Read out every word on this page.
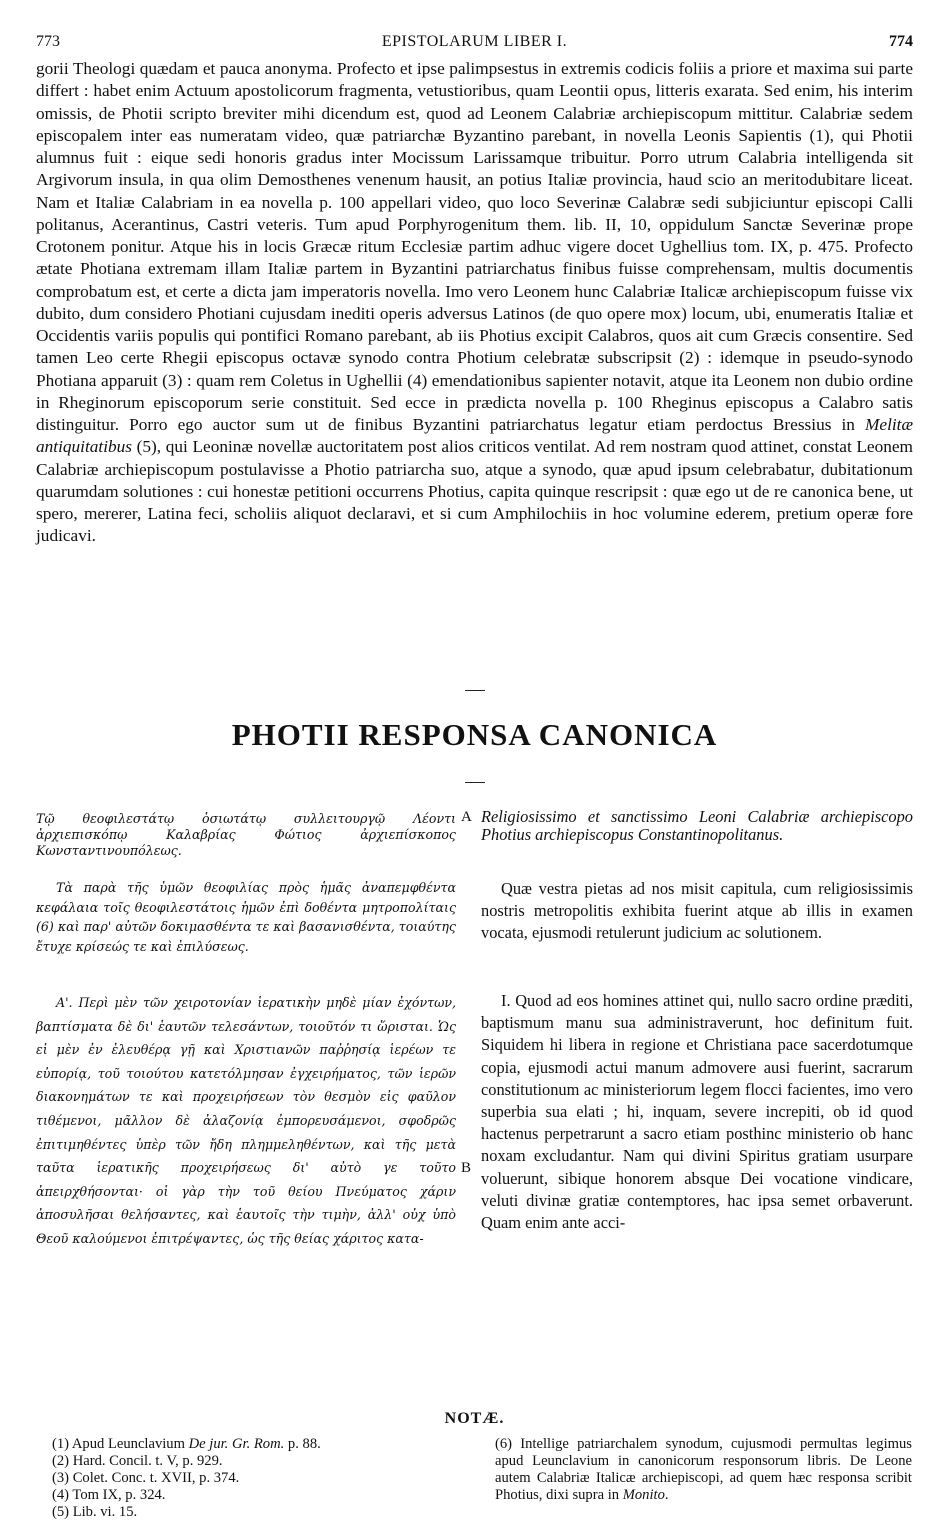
773	EPISTOLARUM LIBER I.	774

gorii Theologi quædam et pauca anonyma. Profecto et ipse palimpsestus in extremis codicis foliis a priore et maxima sui parte differt : habet enim Actuum apostolicorum fragmenta, vetustioribus, quam Leontii opus, litteris exarata. Sed enim, his interim omissis, de Photii scripto breviter mihi dicendum est, quod ad Leonem Calabriæ archiepiscopum mittitur. Calabriæ sedem episcopalem inter eas numeratam video, quæ patriarchæ Byzantino parebant, in novella Leonis Sapientis (1), qui Photii alumnus fuit : eique sedi honoris gradus inter Mocissum Larissamque tribuitur. Porro utrum Calabria intelligenda sit Argivorum insula, in qua olim Demosthenes venenum hausit, an potius Italiæ provincia, haud scio an meritodubitare liceat. Nam et Italiæ Calabriam in ea novella p. 100 appellari video, quo loco Severinæ Calabræ sedi subjiciuntur episcopi Calli politanus, Acerantinus, Castri veteris. Tum apud Porphyrogenitum them. lib. II, 10, oppidulum Sanctæ Severinæ prope Crotonem ponitur. Atque his in locis Græcæ ritum Ecclesiæ partim adhuc vigere docet Ughellius tom. IX, p. 475. Profecto ætate Photiana extremam illam Italiæ partem in Byzantini patriarchatus finibus fuisse comprehensam, multis documentis comprobatum est, et certe a dicta jam imperatoris novella. Imo vero Leonem hunc Calabriæ Italicæ archiepiscopum fuisse vix dubito, dum considero Photiani cujusdam inediti operis adversus Latinos (de quo opere mox) locum, ubi, enumeratis Italiæ et Occidentis variis populis qui pontifici Romano parebant, ab iis Photius excipit Calabros, quos ait cum Græcis consentire. Sed tamen Leo certe Rhegii episcopus octavæ synodo contra Photium celebratæ subscripsit (2) : idemque in pseudo-synodo Photiana apparuit (3) : quam rem Coletus in Ughellii (4) emendationibus sapienter notavit, atque ita Leonem non dubio ordine in Rheginorum episcoporum serie constituit. Sed ecce in prædicta novella p. 100 Rheginus episcopus a Calabro satis distinguitur. Porro ego auctor sum ut de finibus Byzantini patriarchatus legatur etiam perdoctus Bressius in Melitæ antiquitatibus (5), qui Leoninæ novellæ auctoritatem post alios criticos ventilat. Ad rem nostram quod attinet, constat Leonem Calabriæ archiepiscopum postulavisse a Photio patriarcha suo, atque a synodo, quæ apud ipsum celebrabatur, dubitationum quarumdam solutiones : cui honestæ petitioni occurrens Photius, capita quinque rescripsit : quæ ego ut de re canonica bene, ut spero, mererer, Latina feci, scholiis aliquot declaravi, et si cum Amphilochiis in hoc volumine ederem, pretium operæ fore judicavi.

PHOTII RESPONSA CANONICA

Τῷ θεοφιλεστάτῳ ὁσιωτάτῳ συλλειτουργῷ Λέοντι ἀρχιεπισκόπῳ Καλαβρίας Φώτιος ἀρχιεπίσκοπος Κωνσταντινουπόλεως.

Τὰ παρὰ τῆς ὑμῶν θεοφιλίας πρὸς ἡμᾶς ἀναπεμφθέντα κεφάλαια τοῖς θεοφιλεστάτοις ἡμῶν ἐπὶ δοθέντα μητροπολίταις (6) καὶ παρ' αὐτῶν δοκιμασθέντα τε καὶ βασανισθέντα, τοιαύτης ἔτυχε κρίσεώς τε καὶ ἐπιλύσεως.

Α'. Περὶ μὲν τῶν χειροτονίαν ἱερατικὴν μηδὲ μίαν ἐχόντων, βαπτίσματα δὲ δι' ἑαυτῶν τελεσάντων, τοιοῦτόν τι ὥρισται. Ὡς εἰ μὲν ἐν ἐλευθέρᾳ γῇ καὶ Χριστιανῶν παῤῥησίᾳ ἱερέων τε εὐπορίᾳ, τοῦ τοιούτου κατετόλμησαν ἐγχειρήματος, τῶν ἱερῶν διακονημάτων τε καὶ προχειρήσεων τὸν θεσμὸν εἰς φαῦλον τιθέμενοι, μᾶλλον δὲ ἀλαζονίᾳ ἐμπορευσάμενοι, σφοδρῶς ἐπιτιμηθέντες ὑπὲρ τῶν ἤδη πλημμεληθέντων, καὶ τῆς μετὰ ταῦτα ἱερατικῆς προχειρήσεως δι' αὐτὸ γε τοῦτο ἀπειρχθήσονται· οἱ γὰρ τὴν τοῦ θείου Πνεύματος χάριν ἀποσυλῆσαι θελήσαντες, καὶ ἑαυτοῖς τὴν τιμὴν, ἀλλ' οὐχ ὑπὸ Θεοῦ καλούμενοι ἐπιτρέψαντες, ὡς τῆς θείας χάριτος κατα-

A
B

Religiosissimo et sanctissimo Leoni Calabriæ archiepiscopo Photius archiepiscopus Constantinopolitanus.

Quæ vestra pietas ad nos misit capitula, cum religiosissimis nostris metropolitis exhibita fuerint atque ab illis in examen vocata, ejusmodi retulerunt judicium ac solutionem.

I. Quod ad eos homines attinet qui, nullo sacro ordine præditi, baptismum manu sua administraverunt, hoc definitum fuit. Siquidem hi libera in regione et Christiana pace sacerdotumque copia, ejusmodi actui manum admovere ausi fuerint, sacrarum constitutionum ac ministeriorum legem flocci facientes, imo vero superbia sua elati ; hi, inquam, severe increpiti, ob id quod hactenus perpetrarunt a sacro etiam posthinc ministerio ob hanc noxam excludantur. Nam qui divini Spiritus gratiam usurpare voluerunt, sibique honorem absque Dei vocatione vindicare, veluti divinæ gratiæ contemptores, hac ipsa semet orbaverunt. Quam enim ante acci-

NOTÆ.
(1) Apud Leunclavium De jur. Gr. Rom. p. 88.
(2) Hard. Concil. t. V, p. 929.
(3) Colet. Conc. t. XVII, p. 374.
(4) Tom IX, p. 324.
(5) Lib. vi. 15.
(6) Intellige patriarchalem synodum, cujusmodi permultas legimus apud Leunclavium in canonicorum responsorum libris. De Leone autem Calabriæ Italicæ archiepiscopi, ad quem hæc responsa scribit Photius, dixi supra in Monito.
